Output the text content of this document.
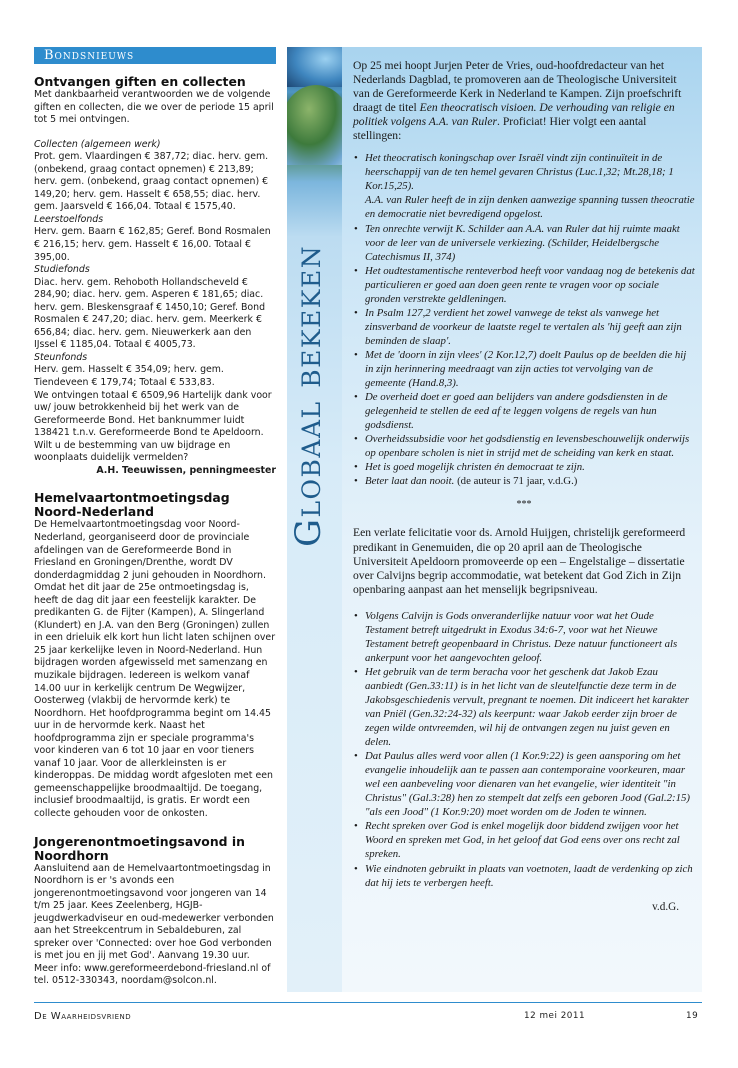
Bondsnieuws
Ontvangen giften en collecten

Met dankbaarheid verantwoorden we de volgende giften en collecten, die we over de periode 15 april tot 5 mei ontvingen.

Collecten (algemeen werk)

Prot. gem. Vlaardingen € 387,72; diac. herv. gem. (onbekend, graag contact opnemen) € 213,89; herv. gem. (onbekend, graag contact opnemen) € 149,20; herv. gem. Hasselt € 658,55; diac. herv. gem. Jaarsveld € 166,04. Totaal € 1575,40.

Leerstoelfonds

Herv. gem. Baarn € 162,85; Geref. Bond Rosmalen € 216,15; herv. gem. Hasselt € 16,00. Totaal € 395,00.

Studiefonds

Diac. herv. gem. Rehoboth Hollandscheveld € 284,90; diac. herv. gem. Asperen € 181,65; diac. herv. gem. Bleskensgraaf € 1450,10; Geref. Bond Rosmalen € 247,20; diac. herv. gem. Meerkerk € 656,84; diac. herv. gem. Nieuwerkerk aan den IJssel € 1185,04. Totaal € 4005,73.

Steunfonds

Herv. gem. Hasselt € 354,09; herv. gem. Tiendeveen € 179,74; Totaal € 533,83.

We ontvingen totaal € 6509,96 Hartelijk dank voor uw/ jouw betrokkenheid bij het werk van de Gereformeerde Bond. Het banknummer luidt 138421 t.n.v. Gereformeerde Bond te Apeldoorn. Wilt u de bestemming van uw bijdrage en woonplaats duidelijk vermelden?

A.H. Teeuwissen, penningmeester

Hemelvaartontmoetingsdag Noord-Nederland

De Hemelvaartontmoetingsdag voor Noord-Nederland, georganiseerd door de provinciale afdelingen van de Gereformeerde Bond in Friesland en Groningen/Drenthe, wordt DV donderdagmiddag 2 juni gehouden in Noordhorn. Omdat het dit jaar de 25e ontmoetingsdag is, heeft de dag dit jaar een feestelijk karakter. De predikanten G. de Fijter (Kampen), A. Slingerland (Klundert) en J.A. van den Berg (Groningen) zullen in een drieluik elk kort hun licht laten schijnen over 25 jaar kerkelijke leven in Noord-Nederland. Hun bijdragen worden afgewisseld met samenzang en muzikale bijdragen. Iedereen is welkom vanaf 14.00 uur in kerkelijk centrum De Wegwijzer, Oosterweg (vlakbij de hervormde kerk) te Noordhorn. Het hoofdprogramma begint om 14.45 uur in de hervormde kerk. Naast het hoofdprogramma zijn er speciale programma's voor kinderen van 6 tot 10 jaar en voor tieners vanaf 10 jaar. Voor de allerkleinsten is er kinderoppas. De middag wordt afgesloten met een gemeenschappelijke broodmaaltijd. De toegang, inclusief broodmaaltijd, is gratis. Er wordt een collecte gehouden voor de onkosten.

Jongerenontmoetingsavond in Noordhorn

Aansluitend aan de Hemelvaartontmoetingsdag in Noordhorn is er 's avonds een jongerenontmoetingsavond voor jongeren van 14 t/m 25 jaar. Kees Zeelenberg, HGJB-jeugdwerkadviseur en oud-medewerker verbonden aan het Streekcentrum in Sebaldeburen, zal spreker over 'Connected: over hoe God verbonden is met jou en jij met God'. Aanvang 19.30 uur. Meer info: www.gereformeerdebond-friesland.nl of tel. 0512-330343, noordam@solcon.nl.

Globaal bekeken

Op 25 mei hoopt Jurjen Peter de Vries, oud-hoofdredacteur van het Nederlands Dagblad, te promoveren aan de Theologische Universiteit van de Gereformeerde Kerk in Nederland te Kampen. Zijn proefschrift draagt de titel Een theocratisch visioen. De verhouding van religie en politiek volgens A.A. van Ruler. Proficiat! Hier volgt een aantal stellingen:

• Het theocratisch koningschap over Israël vindt zijn continuïteit in de heerschappij van de ten hemel gevaren Christus (Luc.1,32; Mt.28,18; 1 Kor.15,25).

A.A. van Ruler heeft de in zijn denken aanwezige spanning tussen theocratie en democratie niet bevredigend opgelost.

• Ten onrechte verwijt K. Schilder aan A.A. van Ruler dat hij ruimte maakt voor de leer van de universele verkiezing. (Schilder, Heidelbergsche Catechismus II, 374)

• Het oudtestamentische renteverbod heeft voor vandaag nog de betekenis dat particulieren er goed aan doen geen rente te vragen voor op sociale gronden verstrekte geldleningen.

• In Psalm 127,2 verdient het zowel vanwege de tekst als vanwege het zinsverband de voorkeur de laatste regel te vertalen als 'hij geeft aan zijn beminden de slaap'.

• Met de 'doorn in zijn vlees' (2 Kor.12,7) doelt Paulus op de beelden die hij in zijn herinnering meedraagt van zijn acties tot vervolging van de gemeente (Hand.8,3).

• De overheid doet er goed aan belijders van andere godsdiensten in de gelegenheid te stellen de eed af te leggen volgens de regels van hun godsdienst.

• Overheidssubsidie voor het godsdienstig en levensbeschouwelijk onderwijs op openbare scholen is niet in strijd met de scheiding van kerk en staat.

• Het is goed mogelijk christen én democraat te zijn.

• Beter laat dan nooit. (de auteur is 71 jaar, v.d.G.)

***

Een verlate felicitatie voor ds. Arnold Huijgen, christelijk gereformeerd predikant in Genemuiden, die op 20 april aan de Theologische Universiteit Apeldoorn promoveerde op een – Engelstalige – dissertatie over Calvijns begrip accommodatie, wat betekent dat God Zich in Zijn openbaring aanpast aan het menselijk begripsniveau.

• Volgens Calvijn is Gods onveranderlijke natuur voor wat het Oude Testament betreft uitgedrukt in Exodus 34:6-7, voor wat het Nieuwe Testament betreft geopenbaard in Christus. Deze natuur functioneert als ankerpunt voor het aangevochten geloof.

• Het gebruik van de term beracha voor het geschenk dat Jakob Ezau aanbiedt (Gen.33:11) is in het licht van de sleutelfunctie deze term in de Jakobsgeschiedenis vervult, pregnant te noemen. Dit indiceert het karakter van Pniël (Gen.32:24-32) als keerpunt: waar Jakob eerder zijn broer de zegen wilde ontvreemden, wil hij de ontvangen zegen nu juist geven en delen.

• Dat Paulus alles werd voor allen (1 Kor.9:22) is geen aansporing om het evangelie inhoudelijk aan te passen aan contemporaine voorkeuren, maar wel een aanbeveling voor dienaren van het evangelie, wier identiteit "in Christus" (Gal.3:28) hen zo stempelt dat zelfs een geboren Jood (Gal.2:15) "als een Jood" (1 Kor.9:20) moet worden om de Joden te winnen.

• Recht spreken over God is enkel mogelijk door biddend zwijgen voor het Woord en spreken met God, in het geloof dat God eens over ons recht zal spreken.

• Wie eindnoten gebruikt in plaats van voetnoten, laadt de verdenking op zich dat hij iets te verbergen heeft.

v.d.G.

De Waarheidsvriend	12 mei 2011	19
